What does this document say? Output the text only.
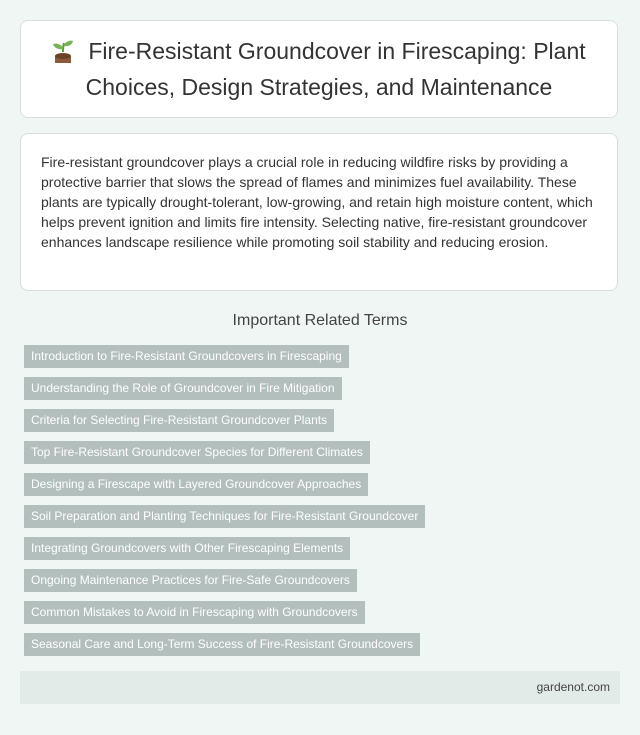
Fire-Resistant Groundcover in Firescaping: Plant Choices, Design Strategies, and Maintenance

Fire-resistant groundcover plays a crucial role in reducing wildfire risks by providing a protective barrier that slows the spread of flames and minimizes fuel availability. These plants are typically drought-tolerant, low-growing, and retain high moisture content, which helps prevent ignition and limits fire intensity. Selecting native, fire-resistant groundcover enhances landscape resilience while promoting soil stability and reducing erosion.

Important Related Terms
Introduction to Fire-Resistant Groundcovers in Firescaping
Understanding the Role of Groundcover in Fire Mitigation
Criteria for Selecting Fire-Resistant Groundcover Plants
Top Fire-Resistant Groundcover Species for Different Climates
Designing a Firescape with Layered Groundcover Approaches
Soil Preparation and Planting Techniques for Fire-Resistant Groundcover
Integrating Groundcovers with Other Firescaping Elements
Ongoing Maintenance Practices for Fire-Safe Groundcovers
Common Mistakes to Avoid in Firescaping with Groundcovers
Seasonal Care and Long-Term Success of Fire-Resistant Groundcovers
gardenot.com
